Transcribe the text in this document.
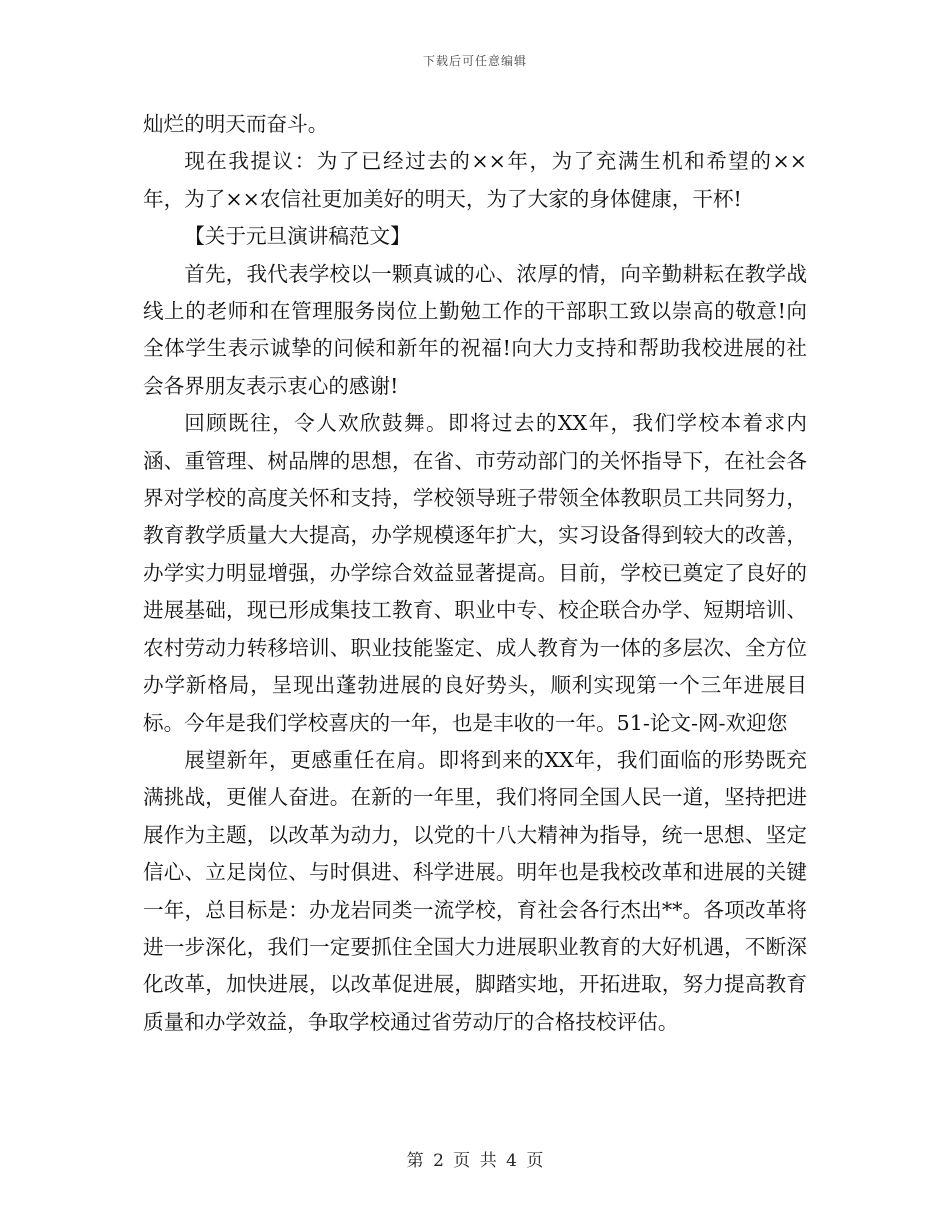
下载后可任意编辑

灿烂的明天而奋斗。

现在我提议：为了已经过去的××年，为了充满生机和希望的××年，为了××农信社更加美好的明天，为了大家的身体健康，干杯!

【关于元旦演讲稿范文】

首先，我代表学校以一颗真诚的心、浓厚的情，向辛勤耕耘在教学战线上的老师和在管理服务岗位上勤勉工作的干部职工致以崇高的敬意!向全体学生表示诚挚的问候和新年的祝福!向大力支持和帮助我校进展的社会各界朋友表示衷心的感谢!

回顾既往，令人欢欣鼓舞。即将过去的XX年，我们学校本着求内涵、重管理、树品牌的思想，在省、市劳动部门的关怀指导下，在社会各界对学校的高度关怀和支持，学校领导班子带领全体教职员工共同努力，教育教学质量大大提高，办学规模逐年扩大，实习设备得到较大的改善，办学实力明显增强，办学综合效益显著提高。目前，学校已奠定了良好的进展基础，现已形成集技工教育、职业中专、校企联合办学、短期培训、农村劳动力转移培训、职业技能鉴定、成人教育为一体的多层次、全方位办学新格局，呈现出蓬勃进展的良好势头，顺利实现第一个三年进展目标。今年是我们学校喜庆的一年，也是丰收的一年。51-论文-网-欢迎您

展望新年，更感重任在肩。即将到来的XX年，我们面临的形势既充满挑战，更催人奋进。在新的一年里，我们将同全国人民一道，坚持把进展作为主题，以改革为动力，以党的十八大精神为指导，统一思想、坚定信心、立足岗位、与时俱进、科学进展。明年也是我校改革和进展的关键一年，总目标是：办龙岩同类一流学校，育社会各行杰出**。各项改革将进一步深化，我们一定要抓住全国大力进展职业教育的大好机遇，不断深化改革，加快进展，以改革促进展，脚踏实地，开拓进取，努力提高教育质量和办学效益，争取学校通过省劳动厅的合格技校评估。

第 2 页 共 4 页
